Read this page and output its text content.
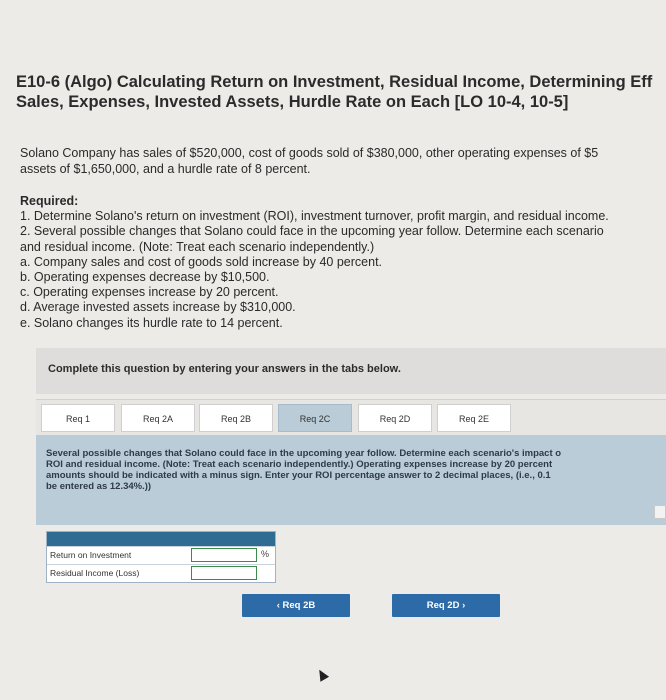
E10-6 (Algo) Calculating Return on Investment, Residual Income, Determining Eff
Sales, Expenses, Invested Assets, Hurdle Rate on Each [LO 10-4, 10-5]
Solano Company has sales of $520,000, cost of goods sold of $380,000, other operating expenses of $5
assets of $1,650,000, and a hurdle rate of 8 percent.
Required:
1. Determine Solano's return on investment (ROI), investment turnover, profit margin, and residual income.
2. Several possible changes that Solano could face in the upcoming year follow. Determine each scenario
and residual income. (Note: Treat each scenario independently.)
a. Company sales and cost of goods sold increase by 40 percent.
b. Operating expenses decrease by $10,500.
c. Operating expenses increase by 20 percent.
d. Average invested assets increase by $310,000.
e. Solano changes its hurdle rate to 14 percent.
Complete this question by entering your answers in the tabs below.
Req 1	Req 2A	Req 2B	Req 2C	Req 2D	Req 2E
Several possible changes that Solano could face in the upcoming year follow. Determine each scenario's impact o
ROI and residual income. (Note: Treat each scenario independently.) Operating expenses increase by 20 percent
amounts should be indicated with a minus sign. Enter your ROI percentage answer to 2 decimal places, (i.e., 0.1
be entered as 12.34%.))
Return on Investment	%
Residual Income (Loss)
‹ Req 2B	Req 2D ›
